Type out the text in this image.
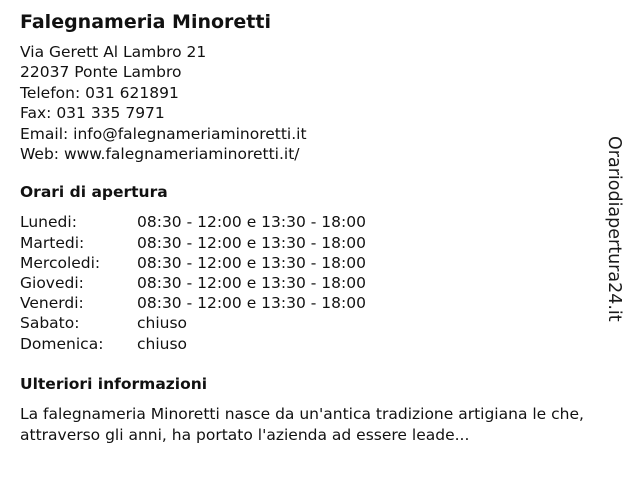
Falegnameria Minoretti
Via Gerett Al Lambro 21
22037 Ponte Lambro
Telefon: 031 621891
Fax: 031 335 7971
Email: info@falegnameriaminoretti.it
Web: www.falegnameriaminoretti.it/
Orari di apertura
Lunedi:	08:30 - 12:00 e 13:30 - 18:00
Martedi:	08:30 - 12:00 e 13:30 - 18:00
Mercoledi:	08:30 - 12:00 e 13:30 - 18:00
Giovedi:	08:30 - 12:00 e 13:30 - 18:00
Venerdi:	08:30 - 12:00 e 13:30 - 18:00
Sabato:	chiuso
Domenica:	chiuso
Ulteriori informazioni
La falegnameria Minoretti nasce da un'antica tradizione artigiana le che, attraverso gli anni, ha portato l'azienda ad essere leade...
Orariodiapertura24.it
